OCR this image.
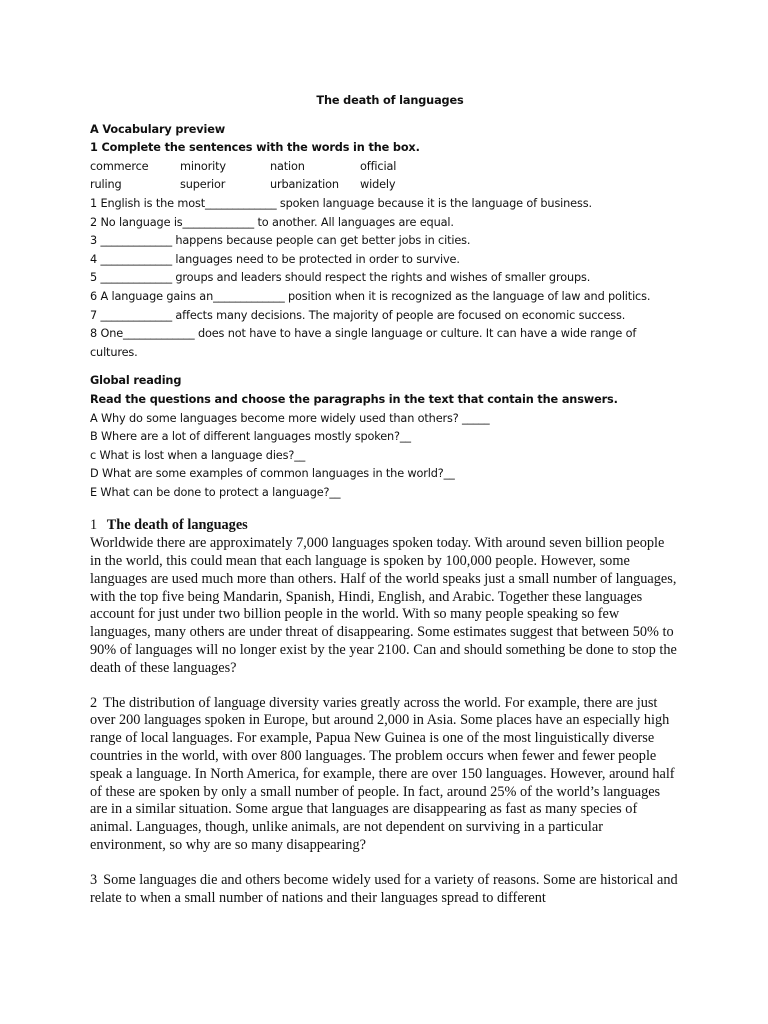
The death of languages
A Vocabulary preview
1 Complete the sentences with the words in the box.
commerce	minority	nation	official
ruling	superior	urbanization	widely
1 English is the most_____________ spoken language because it is the language of business.
2 No language is_____________ to another. All languages are equal.
3 _____________ happens because people can get better jobs in cities.
4 _____________ languages need to be protected in order to survive.
5 _____________ groups and leaders should respect the rights and wishes of smaller groups.
6 A language gains an_____________ position when it is recognized as the language of law and politics.
7 _____________ affects many decisions. The majority of people are focused on economic success.
8 One_____________ does not have to have a single language or culture. It can have a wide range of cultures.
Global reading
Read the questions and choose the paragraphs in the text that contain the answers.
A Why do some languages become more widely used than others? _____
B Where are a lot of different languages mostly spoken?__
c What is lost when a language dies?__
D What are some examples of common languages in the world?__
E What can be done to protect a language?__
1 The death of languages
Worldwide there are approximately 7,000 languages spoken today. With around seven billion people in the world, this could mean that each language is spoken by 100,000 people. However, some languages are used much more than others. Half of the world speaks just a small number of languages, with the top five being Mandarin, Spanish, Hindi, English, and Arabic. Together these languages account for just under two billion people in the world. With so many people speaking so few languages, many others are under threat of disappearing. Some estimates suggest that between 50% to 90% of languages will no longer exist by the year 2100. Can and should something be done to stop the death of these languages?
2 The distribution of language diversity varies greatly across the world. For example, there are just over 200 languages spoken in Europe, but around 2,000 in Asia. Some places have an especially high range of local languages. For example, Papua New Guinea is one of the most linguistically diverse countries in the world, with over 800 languages. The problem occurs when fewer and fewer people speak a language. In North America, for example, there are over 150 languages. However, around half of these are spoken by only a small number of people. In fact, around 25% of the world’s languages are in a similar situation. Some argue that languages are disappearing as fast as many species of animal. Languages, though, unlike animals, are not dependent on surviving in a particular environment, so why are so many disappearing?
3 Some languages die and others become widely used for a variety of reasons. Some are historical and relate to when a small number of nations and their languages spread to different
